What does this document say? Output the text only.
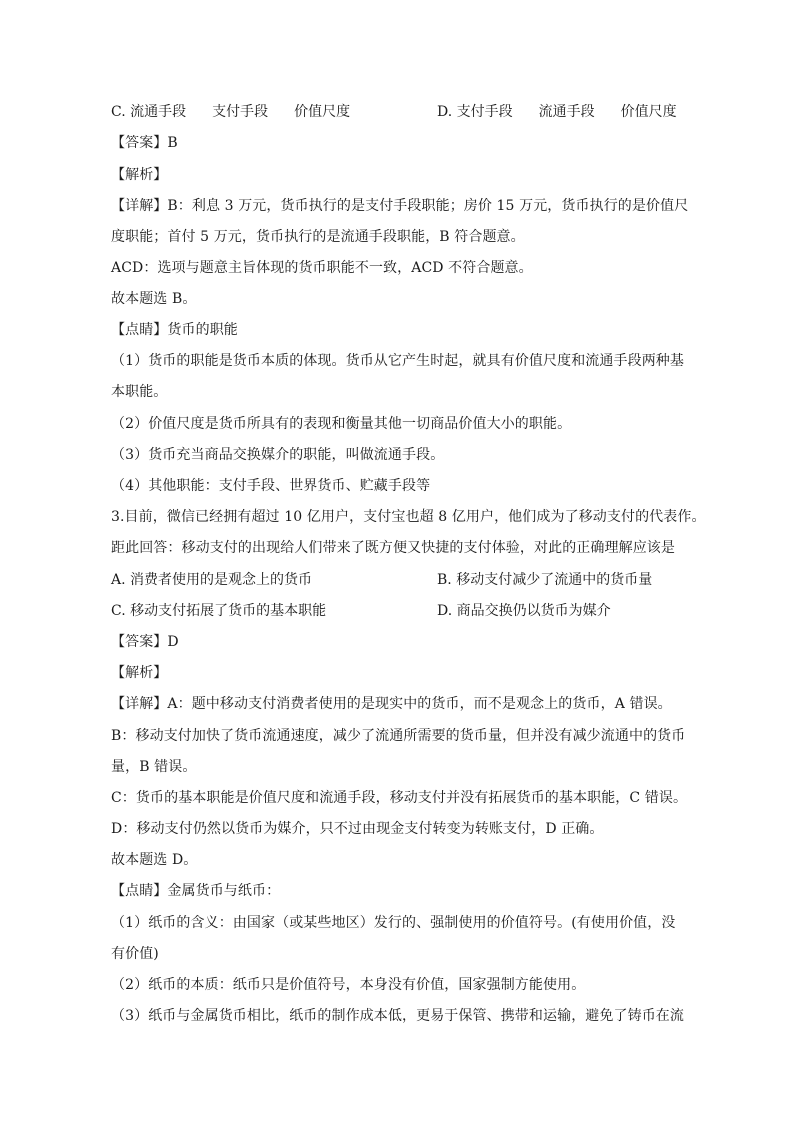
C. 流通手段 支付手段 价值尺度	D. 支付手段 流通手段 价值尺度
【答案】B
【解析】
【详解】B：利息 3 万元，货币执行的是支付手段职能；房价 15 万元，货币执行的是价值尺
度职能；首付 5 万元，货币执行的是流通手段职能，B 符合题意。
ACD：选项与题意主旨体现的货币职能不一致，ACD 不符合题意。
故本题选 B。
【点睛】货币的职能
（1）货币的职能是货币本质的体现。货币从它产生时起，就具有价值尺度和流通手段两种基
本职能。
（2）价值尺度是货币所具有的表现和衡量其他一切商品价值大小的职能。
（3）货币充当商品交换媒介的职能，叫做流通手段。
（4）其他职能：支付手段、世界货币、贮藏手段等
3.目前，微信已经拥有超过 10 亿用户，支付宝也超 8 亿用户，他们成为了移动支付的代表作。
距此回答：移动支付的出现给人们带来了既方便又快捷的支付体验，对此的正确理解应该是
A. 消费者使用的是观念上的货币	B. 移动支付减少了流通中的货币量
C. 移动支付拓展了货币的基本职能	D. 商品交换仍以货币为媒介
【答案】D
【解析】
【详解】A：题中移动支付消费者使用的是现实中的货币，而不是观念上的货币，A 错误。
B：移动支付加快了货币流通速度，减少了流通所需要的货币量，但并没有减少流通中的货币
量，B 错误。
C：货币的基本职能是价值尺度和流通手段，移动支付并没有拓展货币的基本职能，C 错误。
D：移动支付仍然以货币为媒介，只不过由现金支付转变为转账支付，D 正确。
故本题选 D。
【点睛】金属货币与纸币：
（1）纸币的含义：由国家（或某些地区）发行的、强制使用的价值符号。(有使用价值，没
有价值)
（2）纸币的本质：纸币只是价值符号，本身没有价值，国家强制方能使用。
（3）纸币与金属货币相比，纸币的制作成本低，更易于保管、携带和运输，避免了铸币在流
